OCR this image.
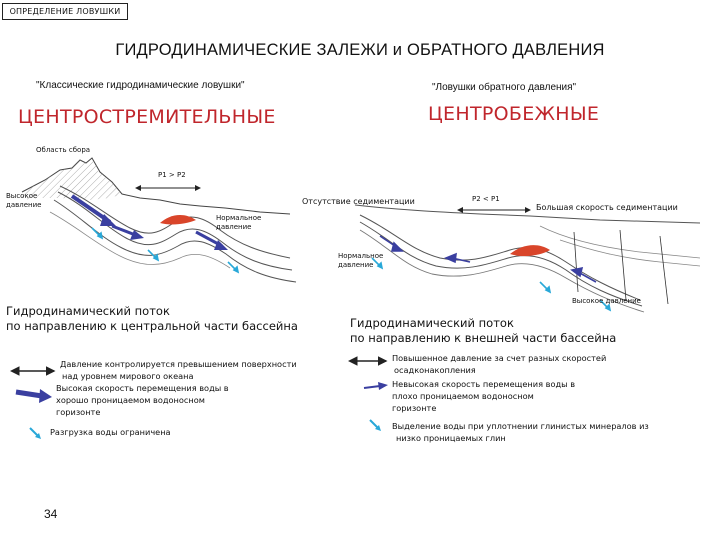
ОПРЕДЕЛЕНИЕ ЛОВУШКИ
ГИДРОДИНАМИЧЕСКИЕ ЗАЛЕЖИ и ОБРАТНОГО ДАВЛЕНИЯ
"Классические гидродинамические ловушки"	"Ловушки обратного давления"
ЦЕНТРОСТРЕМИТЕЛЬНЫЕ	ЦЕНТРОБЕЖНЫЕ
Область сбора
Р1 > Р2
Высокое давление
Нормальное давление
Отсутствие седиментации	Р2 < Р1
Большая скорость седиментации
Нормальное давление
Высокое давление
Гидродинамический поток
по направлению к центральной части бассейна	Гидродинамический поток
по направлению к внешней части бассейна
Давление контролируется превышением поверхности
над уровнем мирового океана
Высокая скорость перемещения воды в
хорошо проницаемом водоносном
горизонте
Разгрузка воды ограничена
Повышенное давление за счет разных скоростей
осадконакопления
Невысокая скорость перемещения воды в
плохо проницаемом водоносном
горизонте
Выделение воды при уплотнении глинистых минералов из
низко проницаемых глин
34
